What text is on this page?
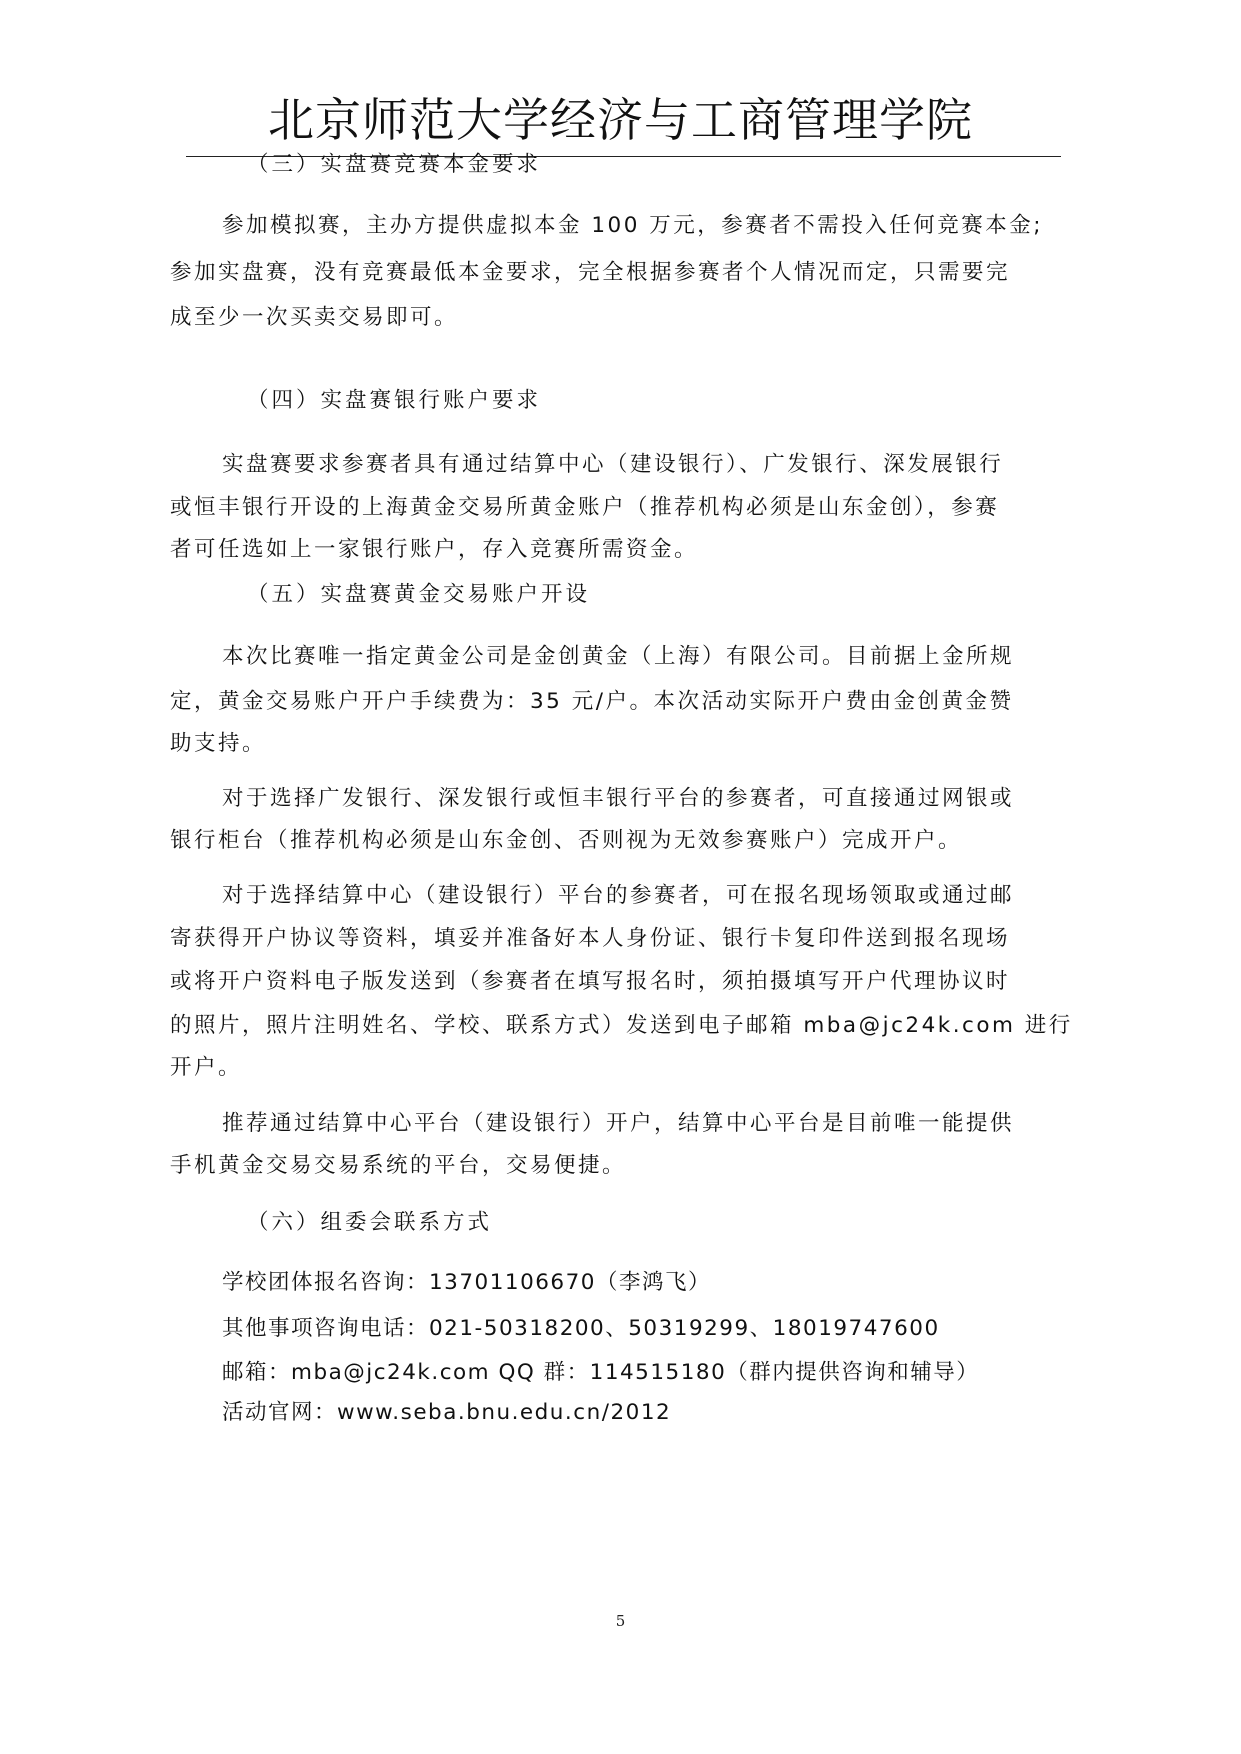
北京师范大学经济与工商管理学院
（三）实盘赛竞赛本金要求
参加模拟赛，主办方提供虚拟本金 100 万元，参赛者不需投入任何竞赛本金;
参加实盘赛，没有竞赛最低本金要求，完全根据参赛者个人情况而定，只需要完
成至少一次买卖交易即可。
（四）实盘赛银行账户要求
实盘赛要求参赛者具有通过结算中心（建设银行）、广发银行、深发展银行
或恒丰银行开设的上海黄金交易所黄金账户（推荐机构必须是山东金创），参赛
者可任选如上一家银行账户，存入竞赛所需资金。
（五）实盘赛黄金交易账户开设
本次比赛唯一指定黄金公司是金创黄金（上海）有限公司。目前据上金所规
定，黄金交易账户开户手续费为：35 元/户。本次活动实际开户费由金创黄金赞
助支持。
对于选择广发银行、深发银行或恒丰银行平台的参赛者，可直接通过网银或
银行柜台（推荐机构必须是山东金创、否则视为无效参赛账户）完成开户。
对于选择结算中心（建设银行）平台的参赛者，可在报名现场领取或通过邮
寄获得开户协议等资料，填妥并准备好本人身份证、银行卡复印件送到报名现场
或将开户资料电子版发送到（参赛者在填写报名时，须拍摄填写开户代理协议时
的照片，照片注明姓名、学校、联系方式）发送到电子邮箱 mba@jc24k.com 进行
开户。
推荐通过结算中心平台（建设银行）开户，结算中心平台是目前唯一能提供
手机黄金交易交易系统的平台，交易便捷。
（六）组委会联系方式
学校团体报名咨询：13701106670（李鸿飞）
其他事项咨询电话：021-50318200、50319299、18019747600
邮箱：mba@jc24k.com QQ 群：114515180（群内提供咨询和辅导）
活动官网：www.seba.bnu.edu.cn/2012
5
